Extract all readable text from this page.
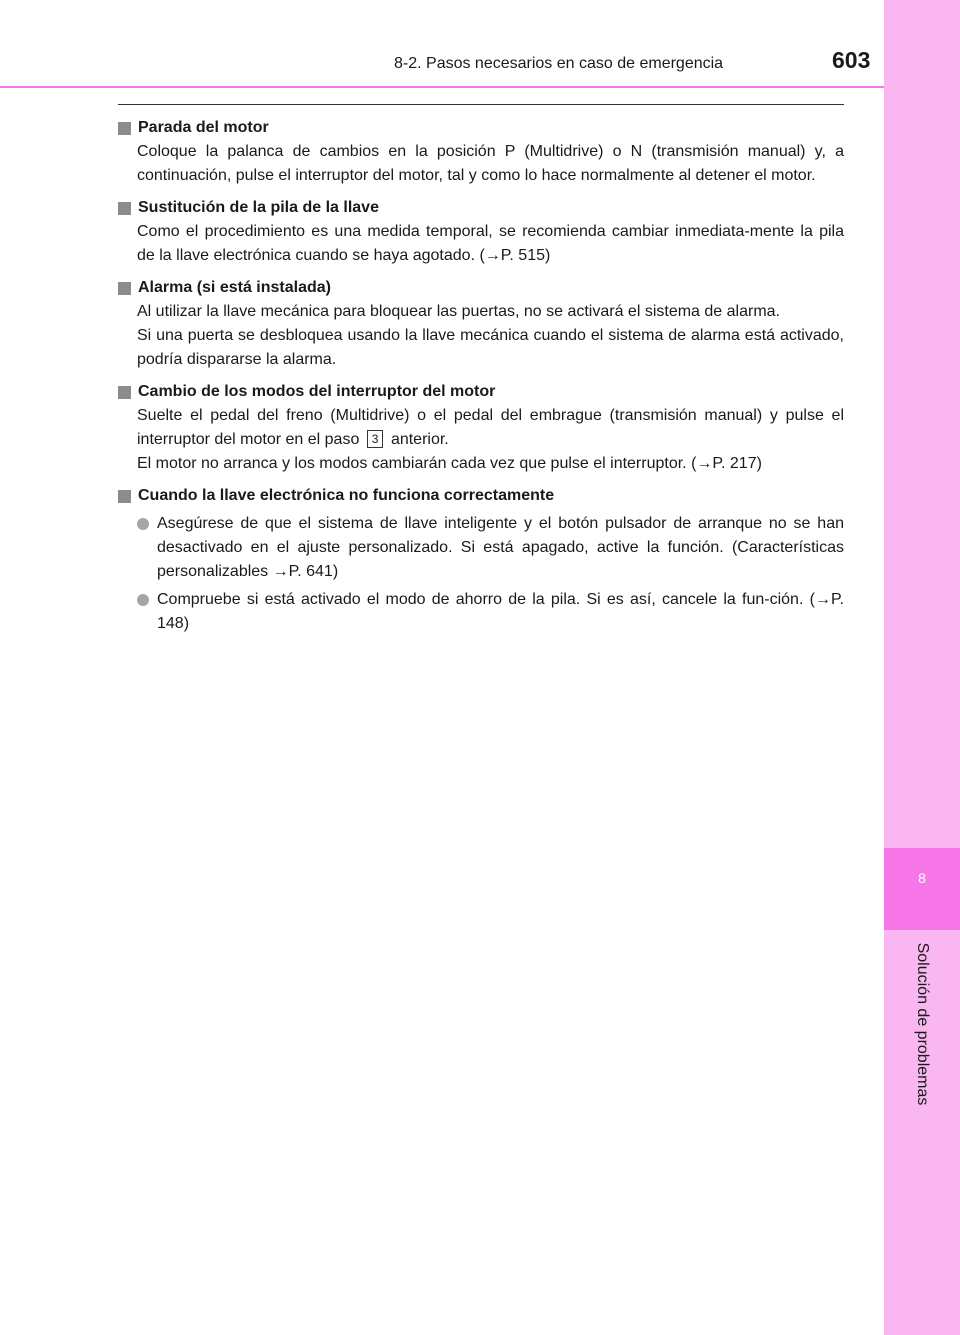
8
Solución de problemas
8-2. Pasos necesarios en caso de emergencia	603
Parada del motor

Coloque la palanca de cambios en la posición P (Multidrive) o N (transmisión manual) y, a continuación, pulse el interruptor del motor, tal y como lo hace normalmente al detener el motor.

Sustitución de la pila de la llave

Como el procedimiento es una medida temporal, se recomienda cambiar inmediata-mente la pila de la llave electrónica cuando se haya agotado. (→P. 515)

Alarma (si está instalada)

Al utilizar la llave mecánica para bloquear las puertas, no se activará el sistema de alarma.

Si una puerta se desbloquea usando la llave mecánica cuando el sistema de alarma está activado, podría dispararse la alarma.

Cambio de los modos del interruptor del motor

Suelte el pedal del freno (Multidrive) o el pedal del embrague (transmisión manual) y pulse el interruptor del motor en el paso 3 anterior.

El motor no arranca y los modos cambiarán cada vez que pulse el interruptor. (→P. 217)

Cuando la llave electrónica no funciona correctamente
Asegúrese de que el sistema de llave inteligente y el botón pulsador de arranque no se han desactivado en el ajuste personalizado. Si está apagado, active la función. (Características personalizables →P. 641)
Compruebe si está activado el modo de ahorro de la pila. Si es así, cancele la fun-ción. (→P. 148)
